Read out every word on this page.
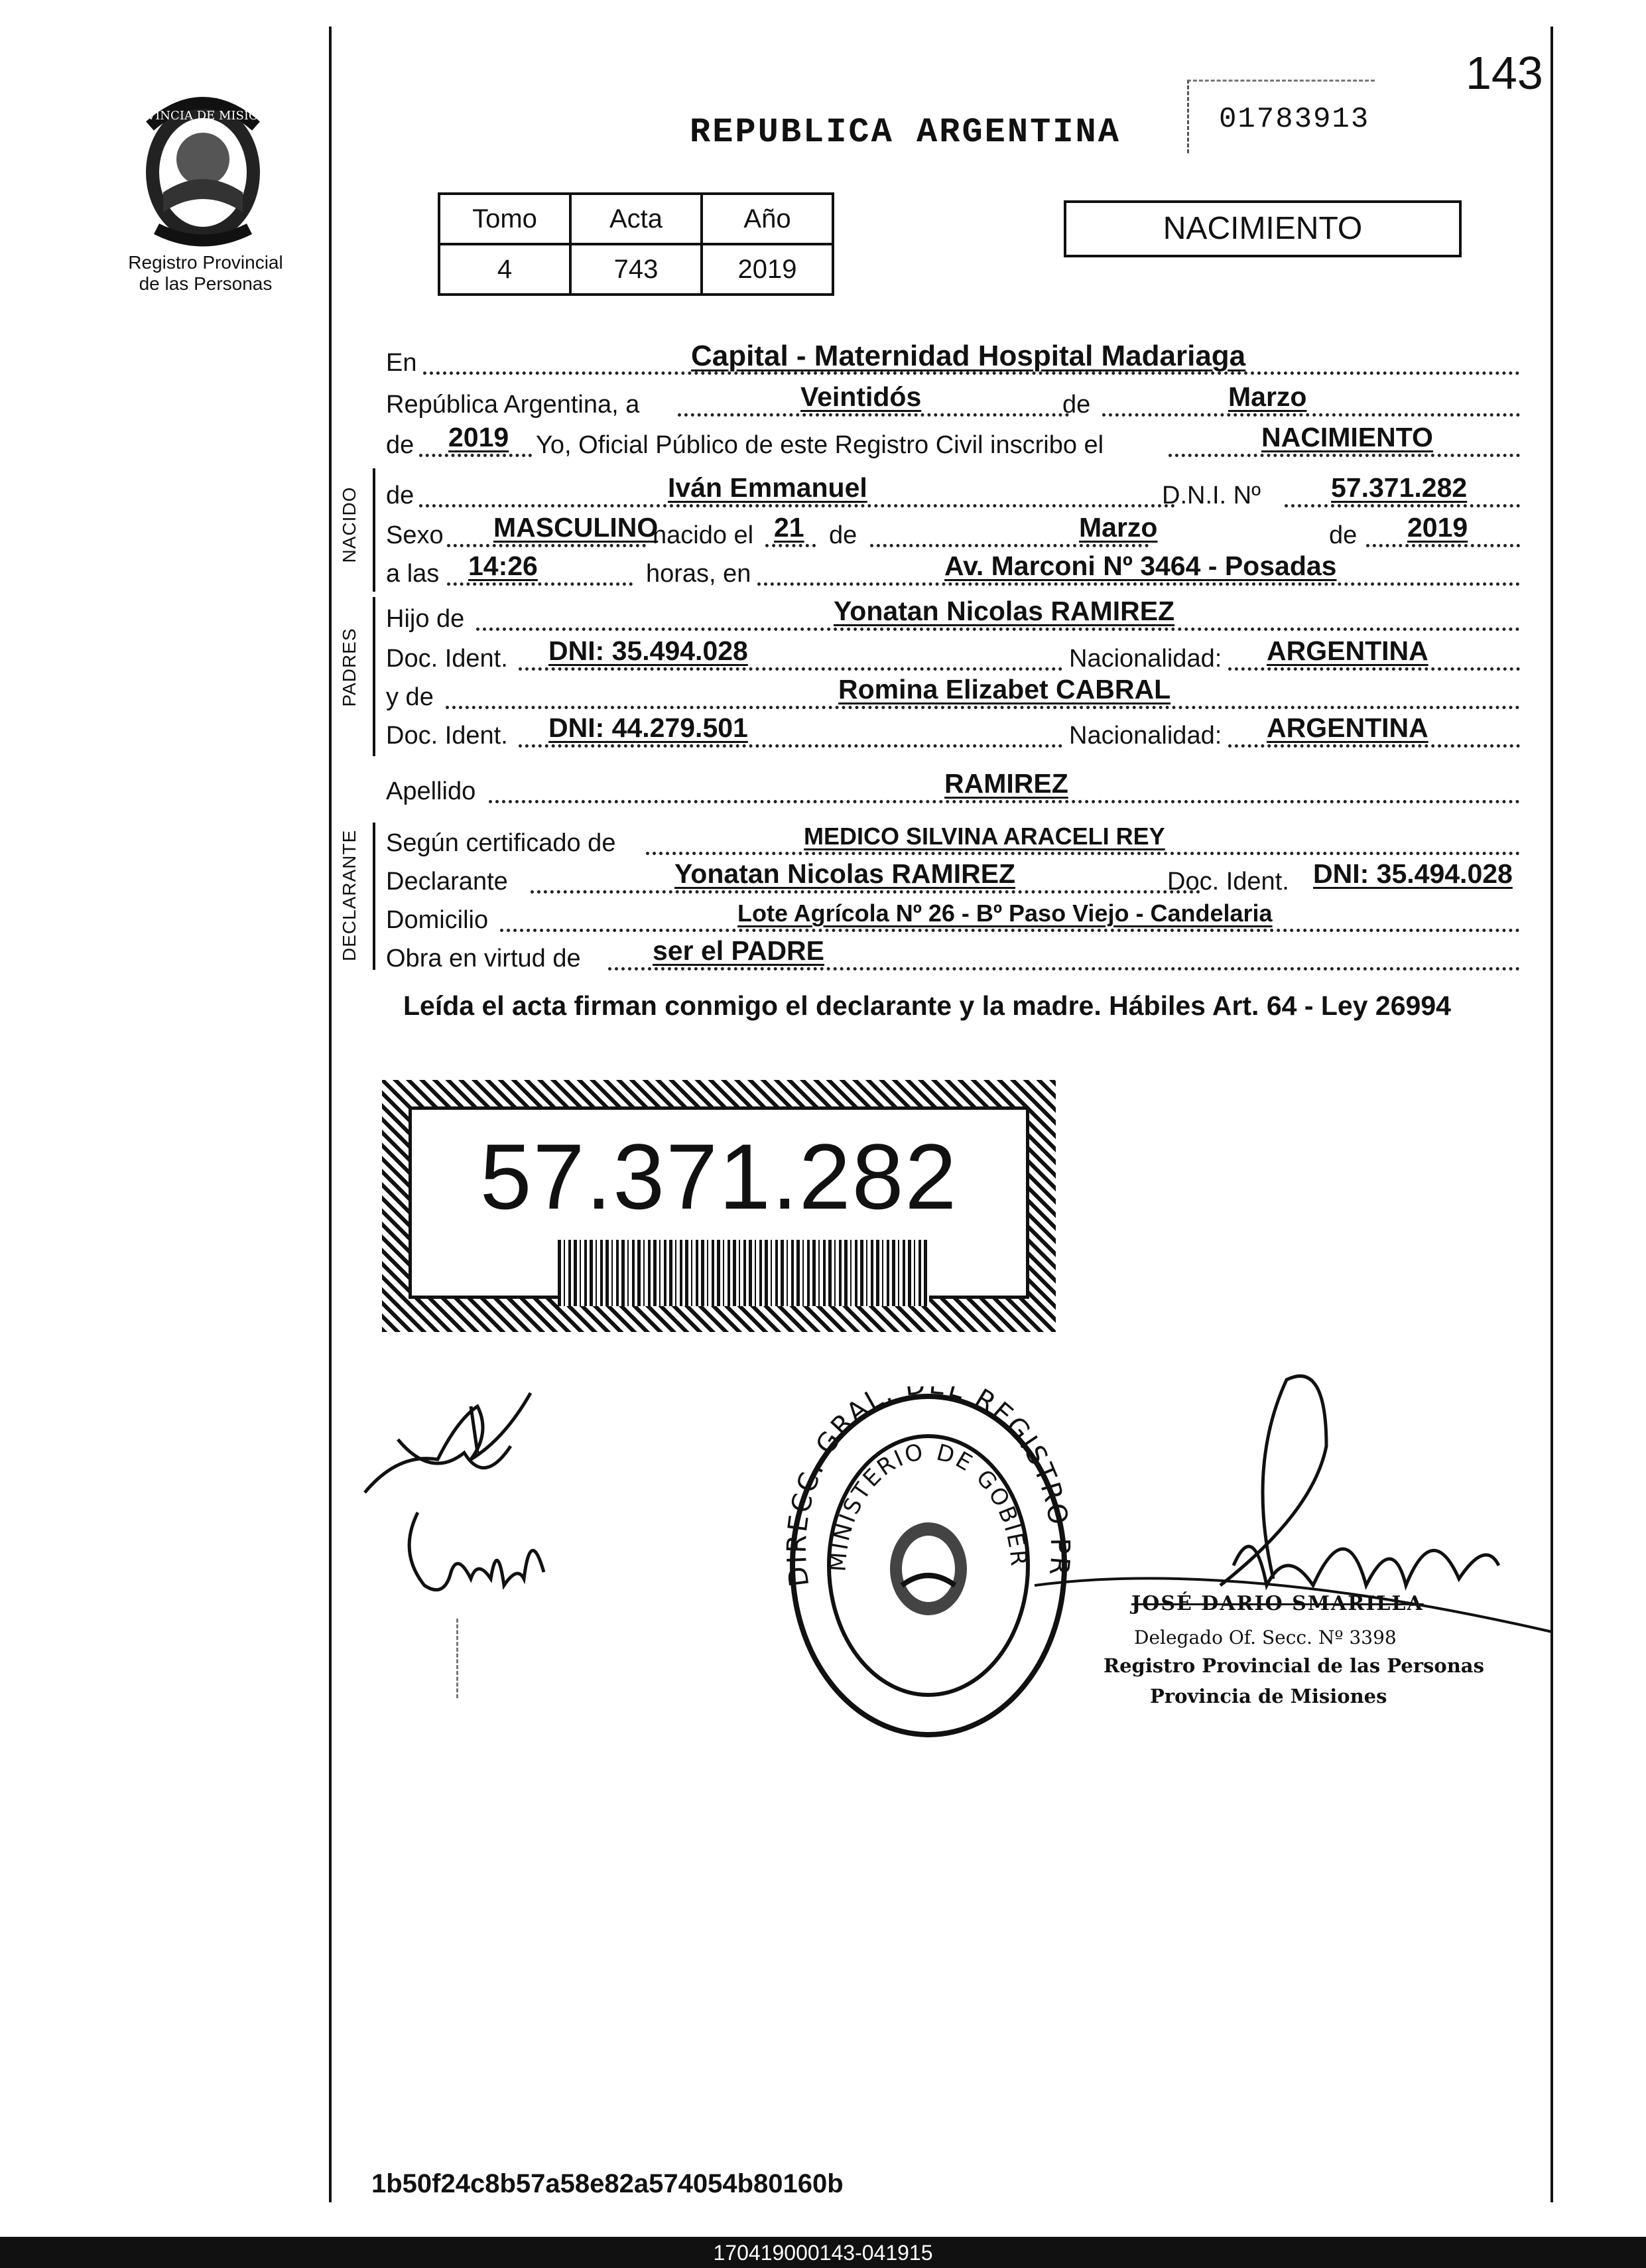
143
PROVINCIA DE MISIONES
Registro Provincial
de las Personas
REPUBLICA ARGENTINA	01783913
Tomo	Acta	Año
4	743	2019
NACIMIENTO
En	Capital - Maternidad Hospital Madariaga
República Argentina, a	Veintidós	de	Marzo
de 2019 Yo, Oficial Público de este Registro Civil inscribo el	NACIMIENTO
NACIDO de	Iván Emmanuel	D.N.I. Nº	57.371.282
Sexo MASCULINO
nacido el 21 de	Marzo	de 2019
a las 14:26	horas, en	Av. Marconi Nº 3464 - Posadas
PADRES
Hijo de	Yonatan Nicolas RAMIREZ
Doc. Ident. DNI: 35.494.028	Nacionalidad: ARGENTINA
y de	Romina Elizabet CABRAL
Doc. Ident. DNI: 44.279.501	Nacionalidad: ARGENTINA
Apellido	RAMIREZ
DECLARANTE Según certificado de	MEDICO SILVINA ARACELI REY
Declarante	Yonatan Nicolas RAMIREZ	Doc. Ident. DNI: 35.494.028
Domicilio	Lote Agrícola Nº 26 - Bº Paso Viejo - Candelaria
Obra en virtud de	ser el PADRE
Leída el acta firman conmigo el declarante y la madre. Hábiles Art. 64 - Ley 26994
57.371.282
DIRECC. GRAL. L REGISTRO PR
MINISTERIO DE GOBIER
JOSÉ DARIO SMARILLA
Delegado Of. Secc. Nº 3398
Registro Provincial de las Personas
Provincia de Misiones
1b50f24c8b57a58e82a574054b80160b
170419000143-041915
